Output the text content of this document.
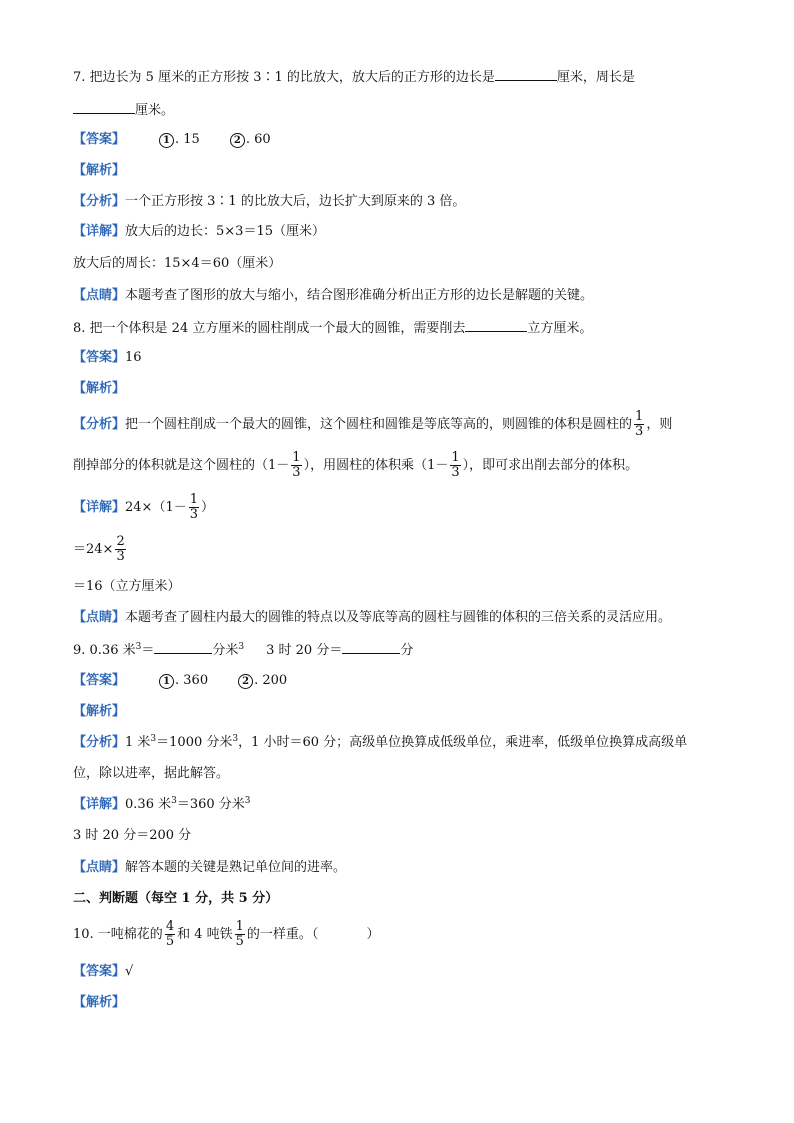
7. 把边长为 5 厘米的正方形按 3∶1 的比放大，放大后的正方形的边长是	厘米，周长是
厘米。
【答案】	1 . 15	2 . 60
【解析】
【分析】一个正方形按 3∶1 的比放大后，边长扩大到原来的 3 倍。
【详解】放大后的边长：5×3＝15（厘米）
放大后的周长：15×4＝60（厘米）
【点睛】本题考查了图形的放大与缩小，结合图形准确分析出正方形的边长是解题的关键。
8. 把一个体积是 24 立方厘米的圆柱削成一个最大的圆锥，需要削去	立方厘米。
【答案】16
【解析】
【分析】把一个圆柱削成一个最大的圆锥，这个圆柱和圆锥是等底等高的，则圆锥的体积是圆柱的 $\frac{1}{3}$ ，则
削掉部分的体积就是这个圆柱的（$1- \frac{1}{3}$ ），用圆柱的体积乘（$1- \frac{1}{3}$ ），即可求出削去部分的体积。
【详解】$24\times(1- \frac{1}{3}$ ）
$=24\times \frac{2}{3}$
＝16（立方厘米）
【点睛】本题考查了圆柱内最大的圆锥的特点以及等底等高的圆柱与圆锥的体积的三倍关系的灵活应用。
9. 0.36 米$^3$＝	分米$^3$ 3 时 20 分＝	分
【答案】	1 . 360	2 . 200
【解析】
【分析】1 米$^3$＝1000 分米$^3$，1 小时＝60 分；高级单位换算成低级单位，乘进率，低级单位换算成高级单
位，除以进率，据此解答。
【详解】0.36 米$^3$＝360 分米$^3$
3 时 20 分＝200 分
【点睛】解答本题的关键是熟记单位间的进率。
二、判断题（每空 1 分，共 5 分）
10. 一吨棉花的 $\frac{4}{5}$ 和 4 吨铁 $\frac{1}{5}$ 的一样重。（	）
【答案】√
【解析】
